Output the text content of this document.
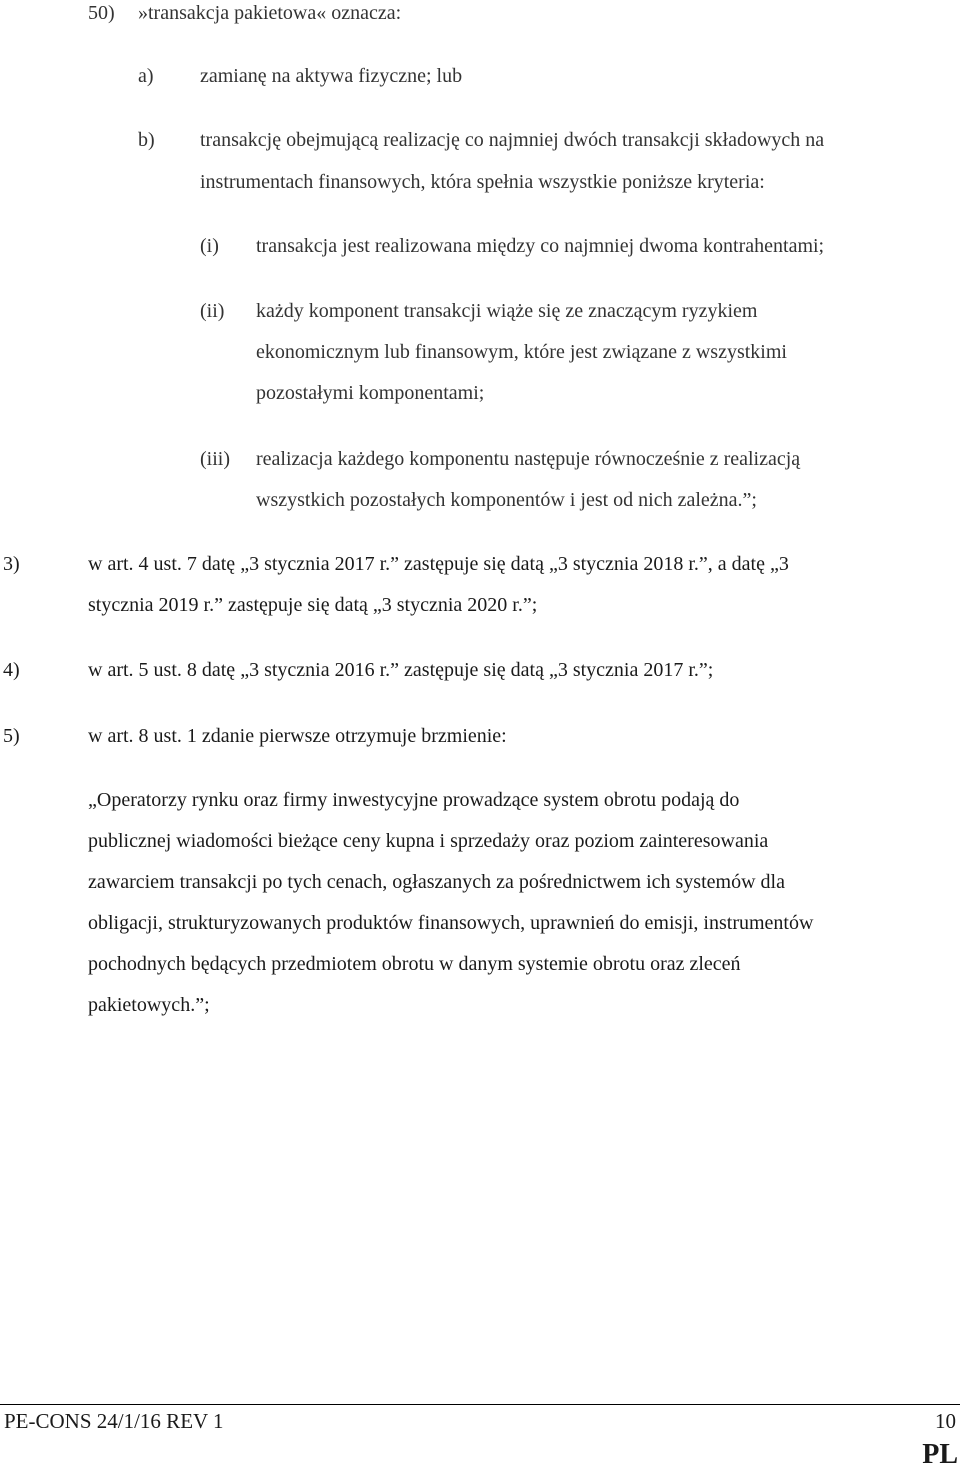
50) »transakcja pakietowa« oznacza:
a) zamianę na aktywa fizyczne; lub
b) transakcję obejmującą realizację co najmniej dwóch transakcji składowych na
instrumentach finansowych, która spełnia wszystkie poniższe kryteria:
(i) transakcja jest realizowana między co najmniej dwoma kontrahentami;
(ii) każdy komponent transakcji wiąże się ze znaczącym ryzykiem
ekonomicznym lub finansowym, które jest związane z wszystkimi
pozostałymi komponentami;
(iii) realizacja każdego komponentu następuje równocześnie z realizacją
wszystkich pozostałych komponentów i jest od nich zależna.”;
3)	w art. 4 ust. 7 datę „3 stycznia 2017 r.” zastępuje się datą „3 stycznia 2018 r.”, a datę „3
stycznia 2019 r.” zastępuje się datą „3 stycznia 2020 r.”;
4)	w art. 5 ust. 8 datę „3 stycznia 2016 r.” zastępuje się datą „3 stycznia 2017 r.”;
5)	w art. 8 ust. 1 zdanie pierwsze otrzymuje brzmienie:
„Operatorzy rynku oraz firmy inwestycyjne prowadzące system obrotu podają do
publicznej wiadomości bieżące ceny kupna i sprzedaży oraz poziom zainteresowania
zawarciem transakcji po tych cenach, ogłaszanych za pośrednictwem ich systemów dla
obligacji, strukturyzowanych produktów finansowych, uprawnień do emisji, instrumentów
pochodnych będących przedmiotem obrotu w danym systemie obrotu oraz zleceń
pakietowych.”;
PE-CONS 24/1/16 REV 1	10
PL
